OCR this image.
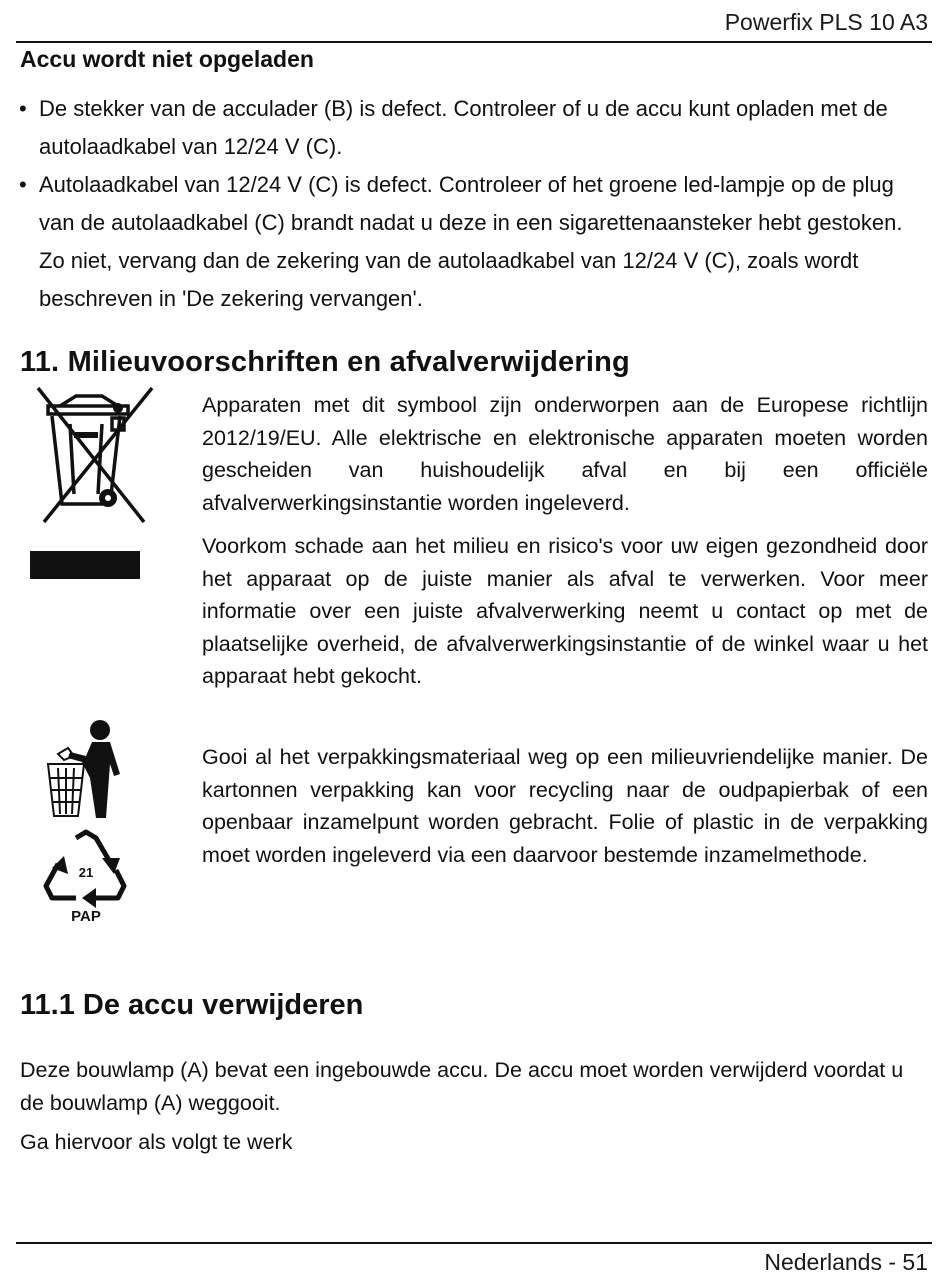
Powerfix PLS 10 A3
Accu wordt niet opgeladen
• De stekker van de acculader (B) is defect. Controleer of u de accu kunt opladen met de autolaadkabel van 12/24 V (C).
• Autolaadkabel van 12/24 V (C) is defect. Controleer of het groene led-lampje op de plug van de autolaadkabel (C) brandt nadat u deze in een sigarettenaansteker hebt gestoken. Zo niet, vervang dan de zekering van de autolaadkabel van 12/24 V (C), zoals wordt beschreven in 'De zekering vervangen'.
11. Milieuvoorschriften en afvalverwijdering

Apparaten met dit symbool zijn onderworpen aan de Europese richtlijn 2012/19/EU. Alle elektrische en elektronische apparaten moeten worden gescheiden van huishoudelijk afval en bij een officiële afvalverwerkingsinstantie worden ingeleverd.

Voorkom schade aan het milieu en risico's voor uw eigen gezondheid door het apparaat op de juiste manier als afval te verwerken. Voor meer informatie over een juiste afvalverwerking neemt u contact op met de plaatselijke overheid, de afvalverwerkingsinstantie of de winkel waar u het apparaat hebt gekocht.

21
PAP

Gooi al het verpakkingsmateriaal weg op een milieuvriendelijke manier. De kartonnen verpakking kan voor recycling naar de oudpapierbak of een openbaar inzamelpunt worden gebracht. Folie of plastic in de verpakking moet worden ingeleverd via een daarvoor bestemde inzamelmethode.

11.1 De accu verwijderen

Deze bouwlamp (A) bevat een ingebouwde accu. De accu moet worden verwijderd voordat u de bouwlamp (A) weggooit.

Ga hiervoor als volgt te werk

Nederlands - 51
